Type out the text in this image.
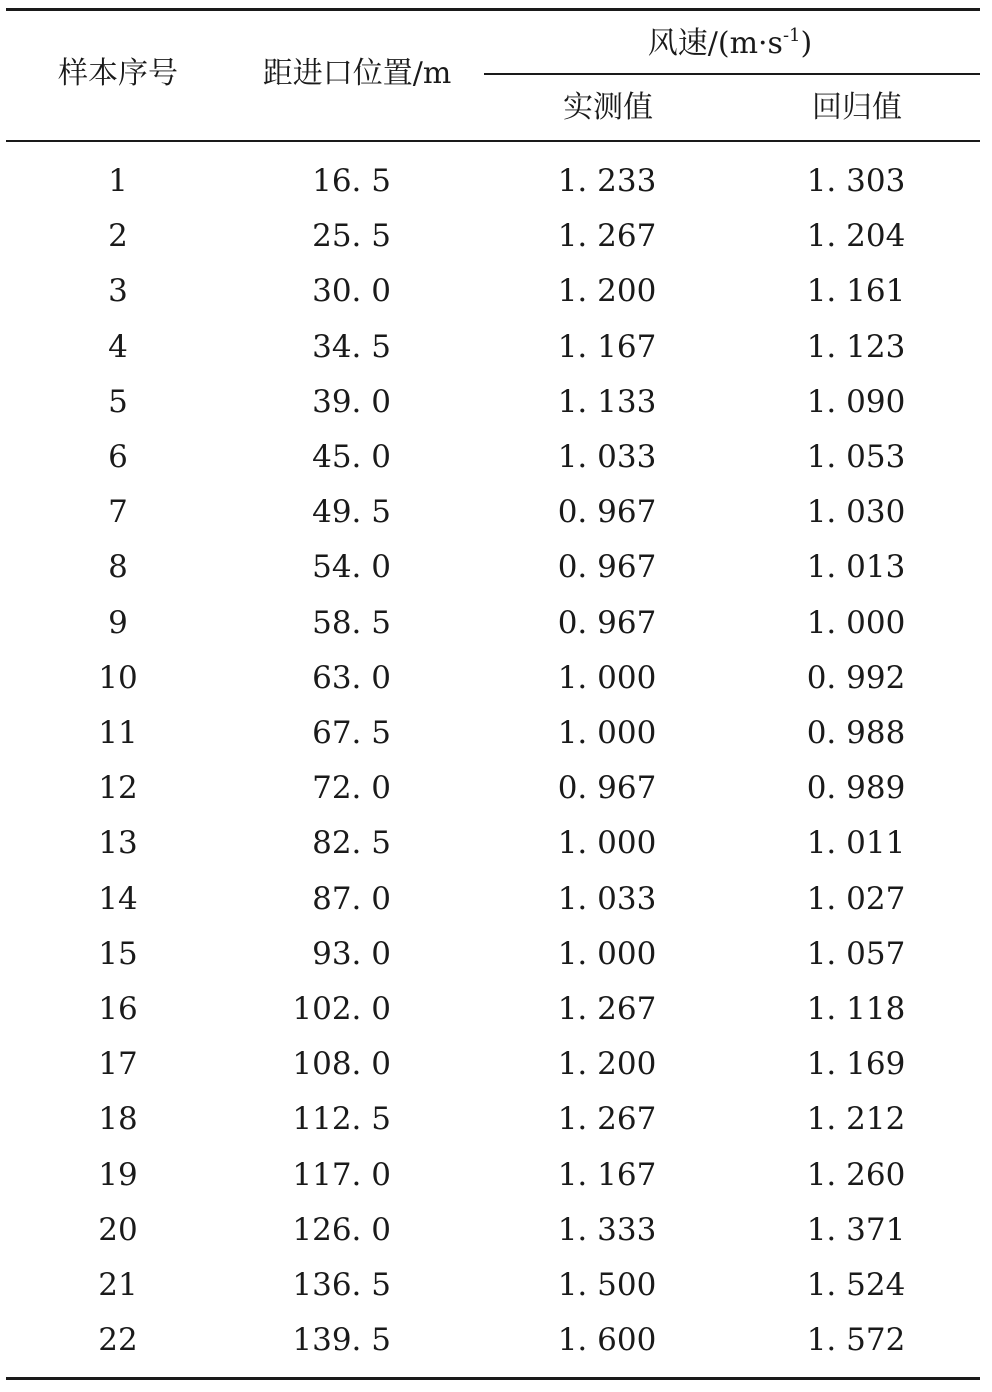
样本序号	距进口位置/m
风速$/(m\cdot s^{-1})$
实测值	回归值
1	16. 5	1. 233	1. 303
2	25. 5	1. 267	1. 204
3	30. 0	1. 200	1. 161
4	34. 5	1. 167	1. 123
5	39. 0	1. 133	1. 090
6	45. 0	1. 033	1. 053
7	49. 5	0. 967	1. 030
8	54. 0	0. 967	1. 013
9	58. 5	0. 967	1. 000
10	63. 0	1. 000	0. 992
11	67. 5	1. 000	0. 988
12	72. 0	0. 967	0. 989
13	82. 5	1. 000	1. 011
14	87. 0	1. 033	1. 027
15	93. 0	1. 000	1. 057
16	102. 0	1. 267	1. 118
17	108. 0	1. 200	1. 169
18	112. 5	1. 267	1. 212
19	117. 0	1. 167	1. 260
20	126. 0	1. 333	1. 371
21	136. 5	1. 500	1. 524
22	139. 5	1. 600	1. 572
